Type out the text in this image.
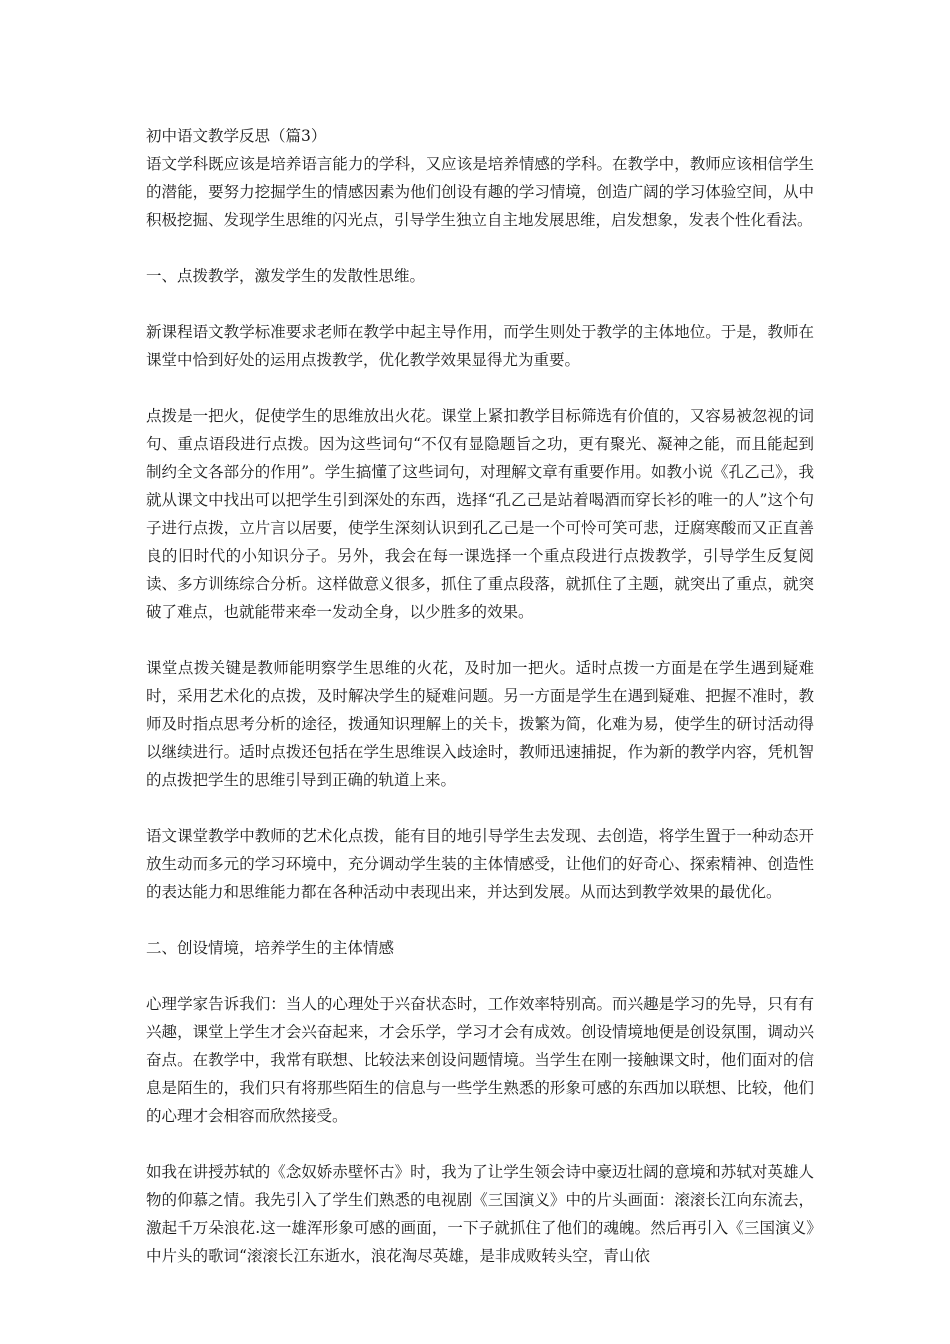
初中语文教学反思（篇3）

语文学科既应该是培养语言能力的学科，又应该是培养情感的学科。在教学中，教师应该相信学生的潜能，要努力挖掘学生的情感因素为他们创设有趣的学习情境，创造广阔的学习体验空间，从中积极挖掘、发现学生思维的闪光点，引导学生独立自主地发展思维，启发想象，发表个性化看法。

一、点拨教学，激发学生的发散性思维。

新课程语文教学标准要求老师在教学中起主导作用，而学生则处于教学的主体地位。于是，教师在课堂中恰到好处的运用点拨教学，优化教学效果显得尤为重要。

点拨是一把火，促使学生的思维放出火花。课堂上紧扣教学目标筛选有价值的，又容易被忽视的词句、重点语段进行点拨。因为这些词句“不仅有显隐题旨之功，更有聚光、凝神之能，而且能起到制约全文各部分的作用”。学生搞懂了这些词句，对理解文章有重要作用。如教小说《孔乙己》，我就从课文中找出可以把学生引到深处的东西，选择“孔乙己是站着喝酒而穿长衫的唯一的人”这个句子进行点拨，立片言以居要，使学生深刻认识到孔乙己是一个可怜可笑可悲，迂腐寒酸而又正直善良的旧时代的小知识分子。另外，我会在每一课选择一个重点段进行点拨教学，引导学生反复阅读、多方训练综合分析。这样做意义很多，抓住了重点段落，就抓住了主题，就突出了重点，就突破了难点，也就能带来牵一发动全身，以少胜多的效果。

课堂点拨关键是教师能明察学生思维的火花，及时加一把火。适时点拨一方面是在学生遇到疑难时，采用艺术化的点拨，及时解决学生的疑难问题。另一方面是学生在遇到疑难、把握不准时，教师及时指点思考分析的途径，拨通知识理解上的关卡，拨繁为简，化难为易，使学生的研讨活动得以继续进行。适时点拨还包括在学生思维误入歧途时，教师迅速捕捉，作为新的教学内容，凭机智的点拨把学生的思维引导到正确的轨道上来。

语文课堂教学中教师的艺术化点拨，能有目的地引导学生去发现、去创造，将学生置于一种动态开放生动而多元的学习环境中，充分调动学生装的主体情感受，让他们的好奇心、探索精神、创造性的表达能力和思维能力都在各种活动中表现出来，并达到发展。从而达到教学效果的最优化。

二、创设情境，培养学生的主体情感

心理学家告诉我们：当人的心理处于兴奋状态时，工作效率特别高。而兴趣是学习的先导，只有有兴趣，课堂上学生才会兴奋起来，才会乐学，学习才会有成效。创设情境地便是创设氛围，调动兴奋点。在教学中，我常有联想、比较法来创设问题情境。当学生在刚一接触课文时，他们面对的信息是陌生的，我们只有将那些陌生的信息与一些学生熟悉的形象可感的东西加以联想、比较，他们的心理才会相容而欣然接受。

如我在讲授苏轼的《念奴娇赤壁怀古》时，我为了让学生领会诗中豪迈壮阔的意境和苏轼对英雄人物的仰慕之情。我先引入了学生们熟悉的电视剧《三国演义》中的片头画面：滚滚长江向东流去，激起千万朵浪花.这一雄浑形象可感的画面，一下子就抓住了他们的魂魄。然后再引入《三国演义》中片头的歌词“滚滚长江东逝水，浪花淘尽英雄，是非成败转头空，青山依
